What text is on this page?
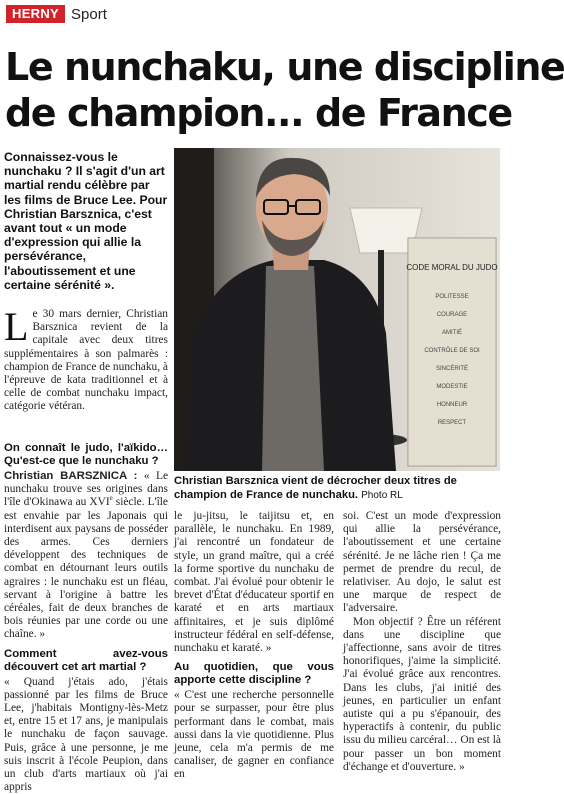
HERNY Sport
Le nunchaku, une discipline
de champion... de France
Connaissez-vous le nunchaku ? Il s'agit d'un art martial rendu célèbre par les films de Bruce Lee. Pour Christian Barsznica, c'est avant tout « un mode d'expression qui allie la persévérance, l'aboutissement et une certaine sérénité ».
CODE MORAL DU JUDO
POLITESSE
COURAGE
AMITIÉ
CONTRÔLE DE SOI
SINCÉRITÉ
MODESTIE
HONNEUR
RESPECT
Christian Barsznica vient de décrocher deux titres de champion de France de nunchaku. Photo RL
L e 30 mars dernier, Christian Barsznica revient de la capitale avec deux titres supplémentaires à son palmarès : champion de France de nunchaku, à l'épreuve de kata traditionnel et à celle de combat nunchaku impact, catégorie vétéran.

On connaît le judo, l'aïkido… Qu'est-ce que le nunchaku ?

Christian BARSZNICA : « Le nunchaku trouve ses origines dans l'île d'Okinawa au XVIe siècle. L'île est envahie par les Japonais qui interdisent aux paysans de posséder des armes. Ces derniers développent des techniques de combat en détournant leurs outils agraires : le nunchaku est un fléau, servant à l'origine à battre les céréales, fait de deux branches de bois réunies par une corde ou une chaîne. »

Comment avez-vous découvert cet art martial ?

« Quand j'étais ado, j'étais passionné par les films de Bruce Lee, j'habitais Montigny-lès-Metz et, entre 15 et 17 ans, je manipulais le nunchaku de façon sauvage. Puis, grâce à une personne, je me suis inscrit à l'école Peupion, dans un club d'arts martiaux où j'ai appris

le ju-jitsu, le taijitsu et, en parallèle, le nunchaku. En 1989, j'ai rencontré un fondateur de style, un grand maître, qui a créé la forme sportive du nunchaku de combat. J'ai évolué pour obtenir le brevet d'État d'éducateur sportif en karaté et en arts martiaux affinitaires, et je suis diplômé instructeur fédéral en self-défense, nunchaku et karaté. »

Au quotidien, que vous apporte cette discipline ?

« C'est une recherche personnelle pour se surpasser, pour être plus performant dans le combat, mais aussi dans la vie quotidienne. Plus jeune, cela m'a permis de me canaliser, de gagner en confiance en

soi. C'est un mode d'expression qui allie la persévérance, l'aboutissement et une certaine sérénité. Je ne lâche rien ! Ça me permet de prendre du recul, de relativiser. Au dojo, le salut est une marque de respect de l'adversaire.

Mon objectif ? Être un référent dans une discipline que j'affectionne, sans avoir de titres honorifiques, j'aime la simplicité. J'ai évolué grâce aux rencontres. Dans les clubs, j'ai initié des jeunes, en particulier un enfant autiste qui a pu s'épanouir, des hyperactifs à contenir, du public issu du milieu carcéral… On est là pour passer un bon moment d'échange et d'ouverture. »
